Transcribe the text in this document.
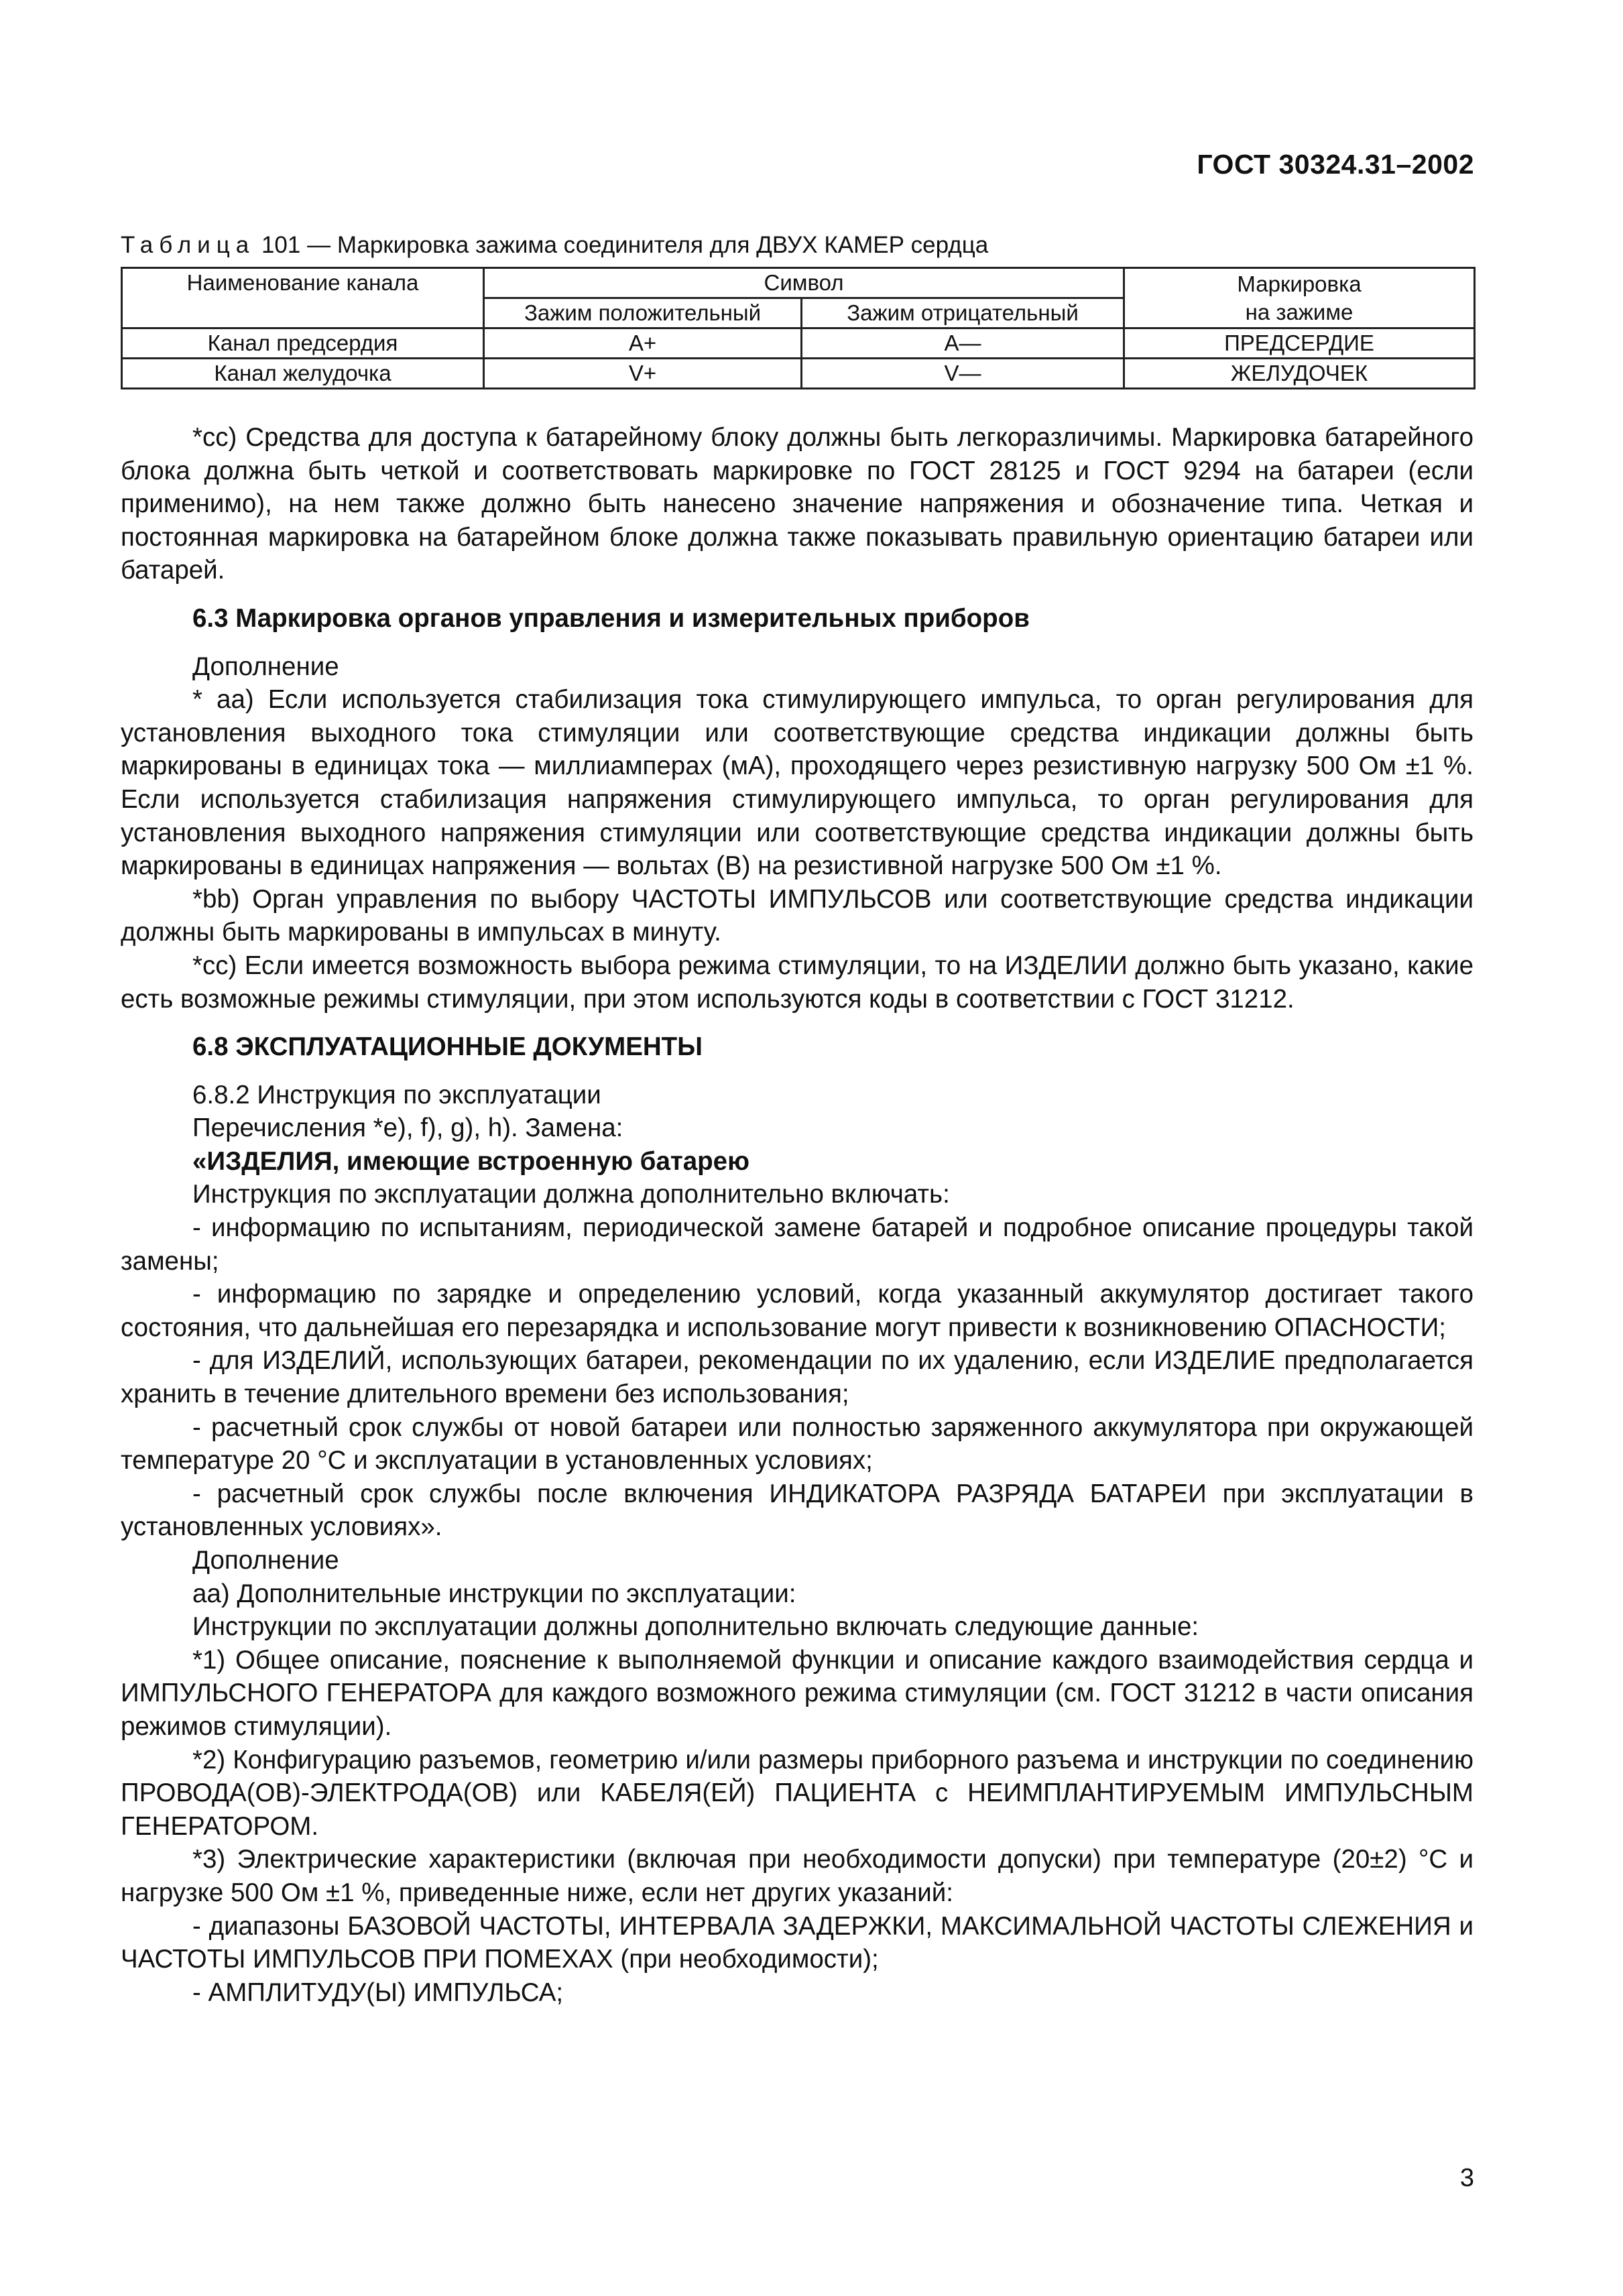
ГОСТ 30324.31–2002
Таблица 101 — Маркировка зажима соединителя для ДВУХ КАМЕР сердца
Наименование канала	Символ		Маркировка
на зажиме

	Зажим положительный	Зажим отрицательный	
Канал предсердия	A+	A—	ПРЕДСЕРДИЕ
Канал желудочка	V+	V—	ЖЕЛУДОЧЕК

*cc) Средства для доступа к батарейному блоку должны быть легкоразличимы. Маркировка батарейного блока должна быть четкой и соответствовать маркировке по ГОСТ 28125 и ГОСТ 9294 на батареи (если применимо), на нем также должно быть нанесено значение напряжения и обозначение типа. Четкая и постоянная маркировка на батарейном блоке должна также показывать правильную ориентацию батареи или батарей.

6.3 Маркировка органов управления и измерительных приборов

Дополнение

* aa) Если используется стабилизация тока стимулирующего импульса, то орган регулирования для установления выходного тока стимуляции или соответствующие средства индикации должны быть маркированы в единицах тока — миллиамперах (мА), проходящего через резистивную нагрузку 500 Ом ±1 %. Если используется стабилизация напряжения стимулирующего импульса, то орган регулирования для установления выходного напряжения стимуляции или соответствующие средства индикации должны быть маркированы в единицах напряжения — вольтах (В) на резистивной нагрузке 500 Ом ±1 %.

*bb) Орган управления по выбору ЧАСТОТЫ ИМПУЛЬСОВ или соответствующие средства индикации должны быть маркированы в импульсах в минуту.

*cc) Если имеется возможность выбора режима стимуляции, то на ИЗДЕЛИИ должно быть указано, какие есть возможные режимы стимуляции, при этом используются коды в соответствии с ГОСТ 31212.

6.8 ЭКСПЛУАТАЦИОННЫЕ ДОКУМЕНТЫ

6.8.2 Инструкция по эксплуатации

Перечисления *e), f), g), h). Замена:

«ИЗДЕЛИЯ, имеющие встроенную батарею

Инструкция по эксплуатации должна дополнительно включать:

- информацию по испытаниям, периодической замене батарей и подробное описание процедуры такой замены;

- информацию по зарядке и определению условий, когда указанный аккумулятор достигает такого состояния, что дальнейшая его перезарядка и использование могут привести к возникновению ОПАСНОСТИ;

- для ИЗДЕЛИЙ, использующих батареи, рекомендации по их удалению, если ИЗДЕЛИЕ предполагается хранить в течение длительного времени без использования;

- расчетный срок службы от новой батареи или полностью заряженного аккумулятора при окружающей температуре 20 °С и эксплуатации в установленных условиях;

- расчетный срок службы после включения ИНДИКАТОРА РАЗРЯДА БАТАРЕИ при эксплуатации в установленных условиях».

Дополнение

aa) Дополнительные инструкции по эксплуатации:

Инструкции по эксплуатации должны дополнительно включать следующие данные:

*1) Общее описание, пояснение к выполняемой функции и описание каждого взаимодействия сердца и ИМПУЛЬСНОГО ГЕНЕРАТОРА для каждого возможного режима стимуляции (см. ГОСТ 31212 в части описания режимов стимуляции).

*2) Конфигурацию разъемов, геометрию и/или размеры приборного разъема и инструкции по соединению ПРОВОДА(ОВ)-ЭЛЕКТРОДА(ОВ) или КАБЕЛЯ(ЕЙ) ПАЦИЕНТА с НЕИМПЛАНТИРУЕМЫМ ИМПУЛЬСНЫМ ГЕНЕРАТОРОМ.

*3) Электрические характеристики (включая при необходимости допуски) при температуре (20±2) °С и нагрузке 500 Ом ±1 %, приведенные ниже, если нет других указаний:

- диапазоны БАЗОВОЙ ЧАСТОТЫ, ИНТЕРВАЛА ЗАДЕРЖКИ, МАКСИМАЛЬНОЙ ЧАСТОТЫ СЛЕЖЕНИЯ и ЧАСТОТЫ ИМПУЛЬСОВ ПРИ ПОМЕХАХ (при необходимости);

- АМПЛИТУДУ(Ы) ИМПУЛЬСА;

3
